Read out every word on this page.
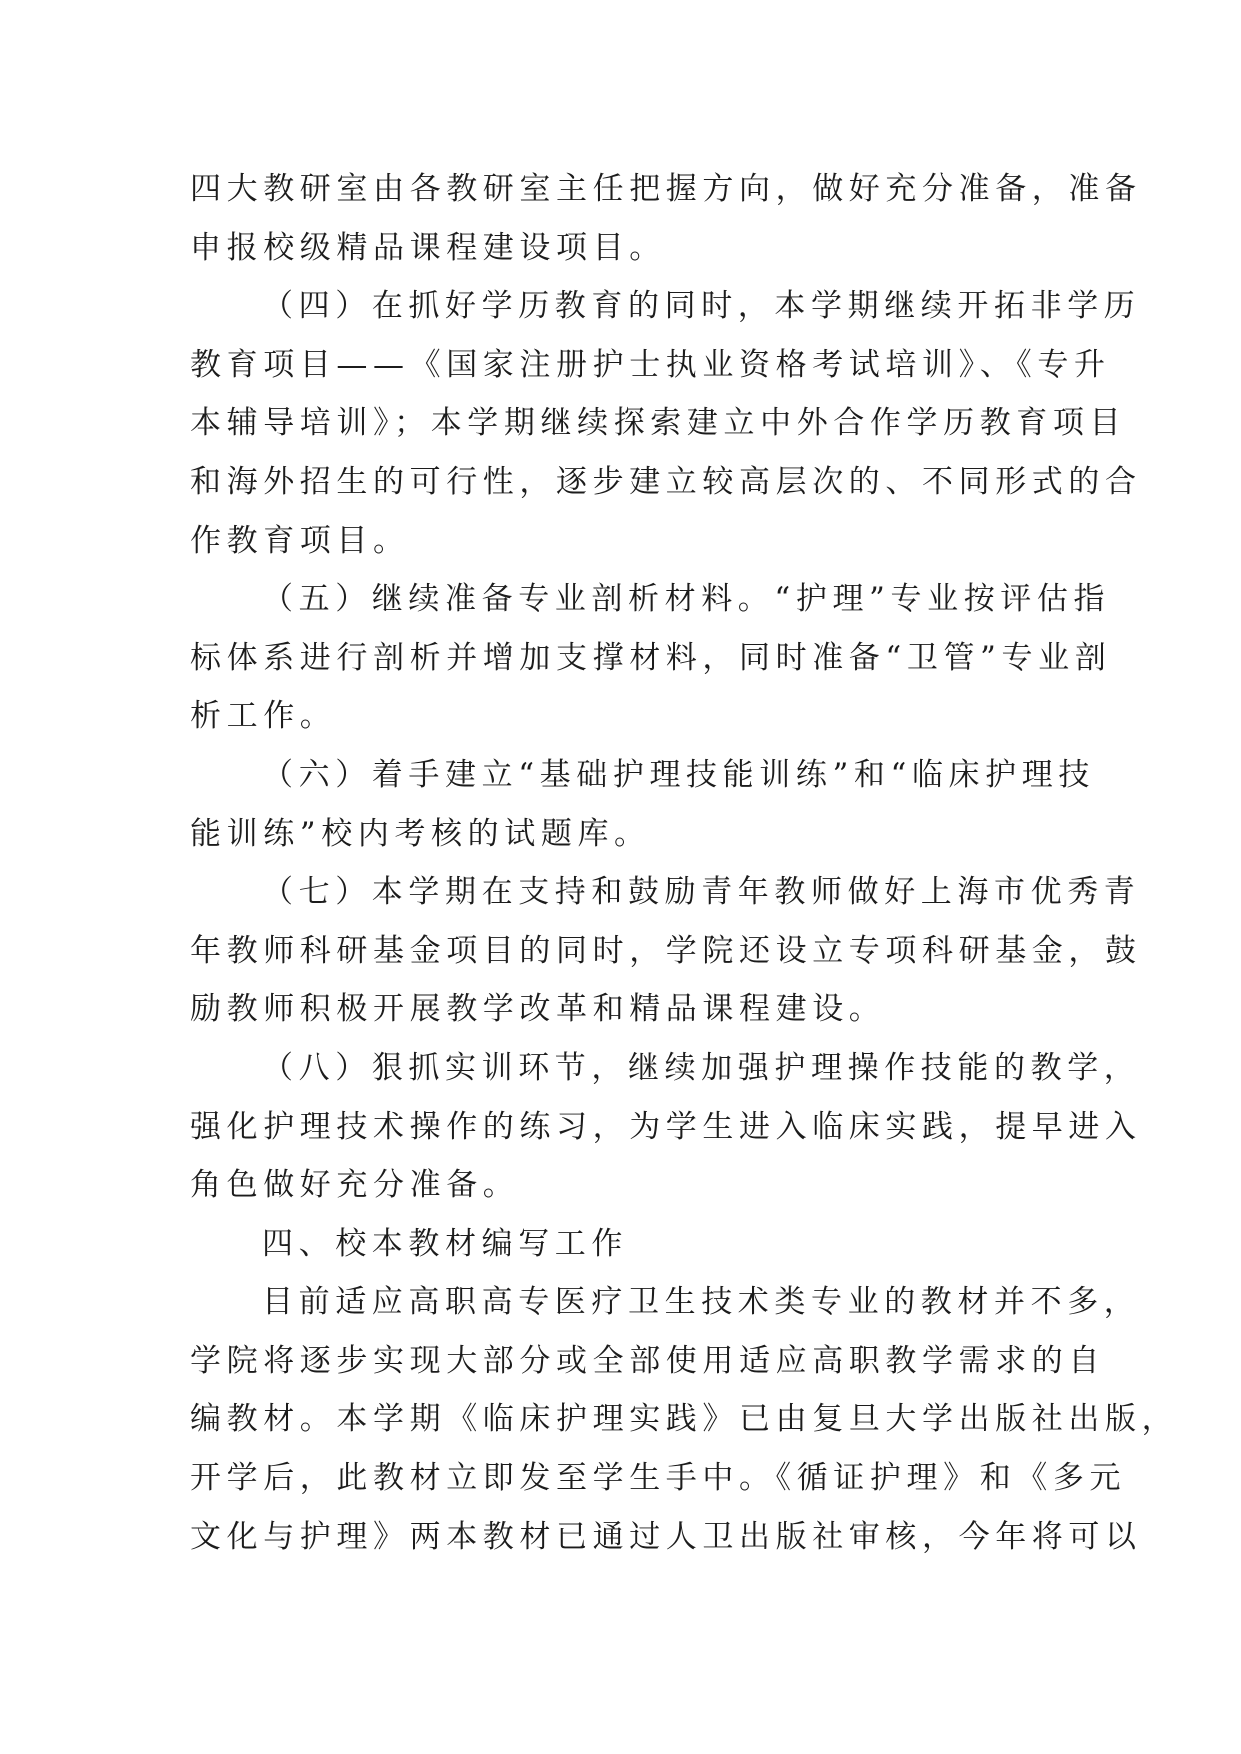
四大教研室由各教研室主任把握方向，做好充分准备，准备
申报校级精品课程建设项目。
（四）在抓好学历教育的同时，本学期继续开拓非学历
教育项目——《国家注册护士执业资格考试培训》、《专升
本辅导培训》；本学期继续探索建立中外合作学历教育项目
和海外招生的可行性，逐步建立较高层次的、不同形式的合
作教育项目。
（五）继续准备专业剖析材料。“护理”专业按评估指
标体系进行剖析并增加支撑材料，同时准备“卫管”专业剖
析工作。
（六）着手建立“基础护理技能训练”和“临床护理技
能训练”校内考核的试题库。
（七）本学期在支持和鼓励青年教师做好上海市优秀青
年教师科研基金项目的同时，学院还设立专项科研基金，鼓
励教师积极开展教学改革和精品课程建设。
（八）狠抓实训环节，继续加强护理操作技能的教学，
强化护理技术操作的练习，为学生进入临床实践，提早进入
角色做好充分准备。
四、校本教材编写工作
目前适应高职高专医疗卫生技术类专业的教材并不多，
学院将逐步实现大部分或全部使用适应高职教学需求的自
编教材。本学期《临床护理实践》已由复旦大学出版社出版，
开学后，此教材立即发至学生手中。《循证护理》和《多元
文化与护理》两本教材已通过人卫出版社审核，今年将可以
